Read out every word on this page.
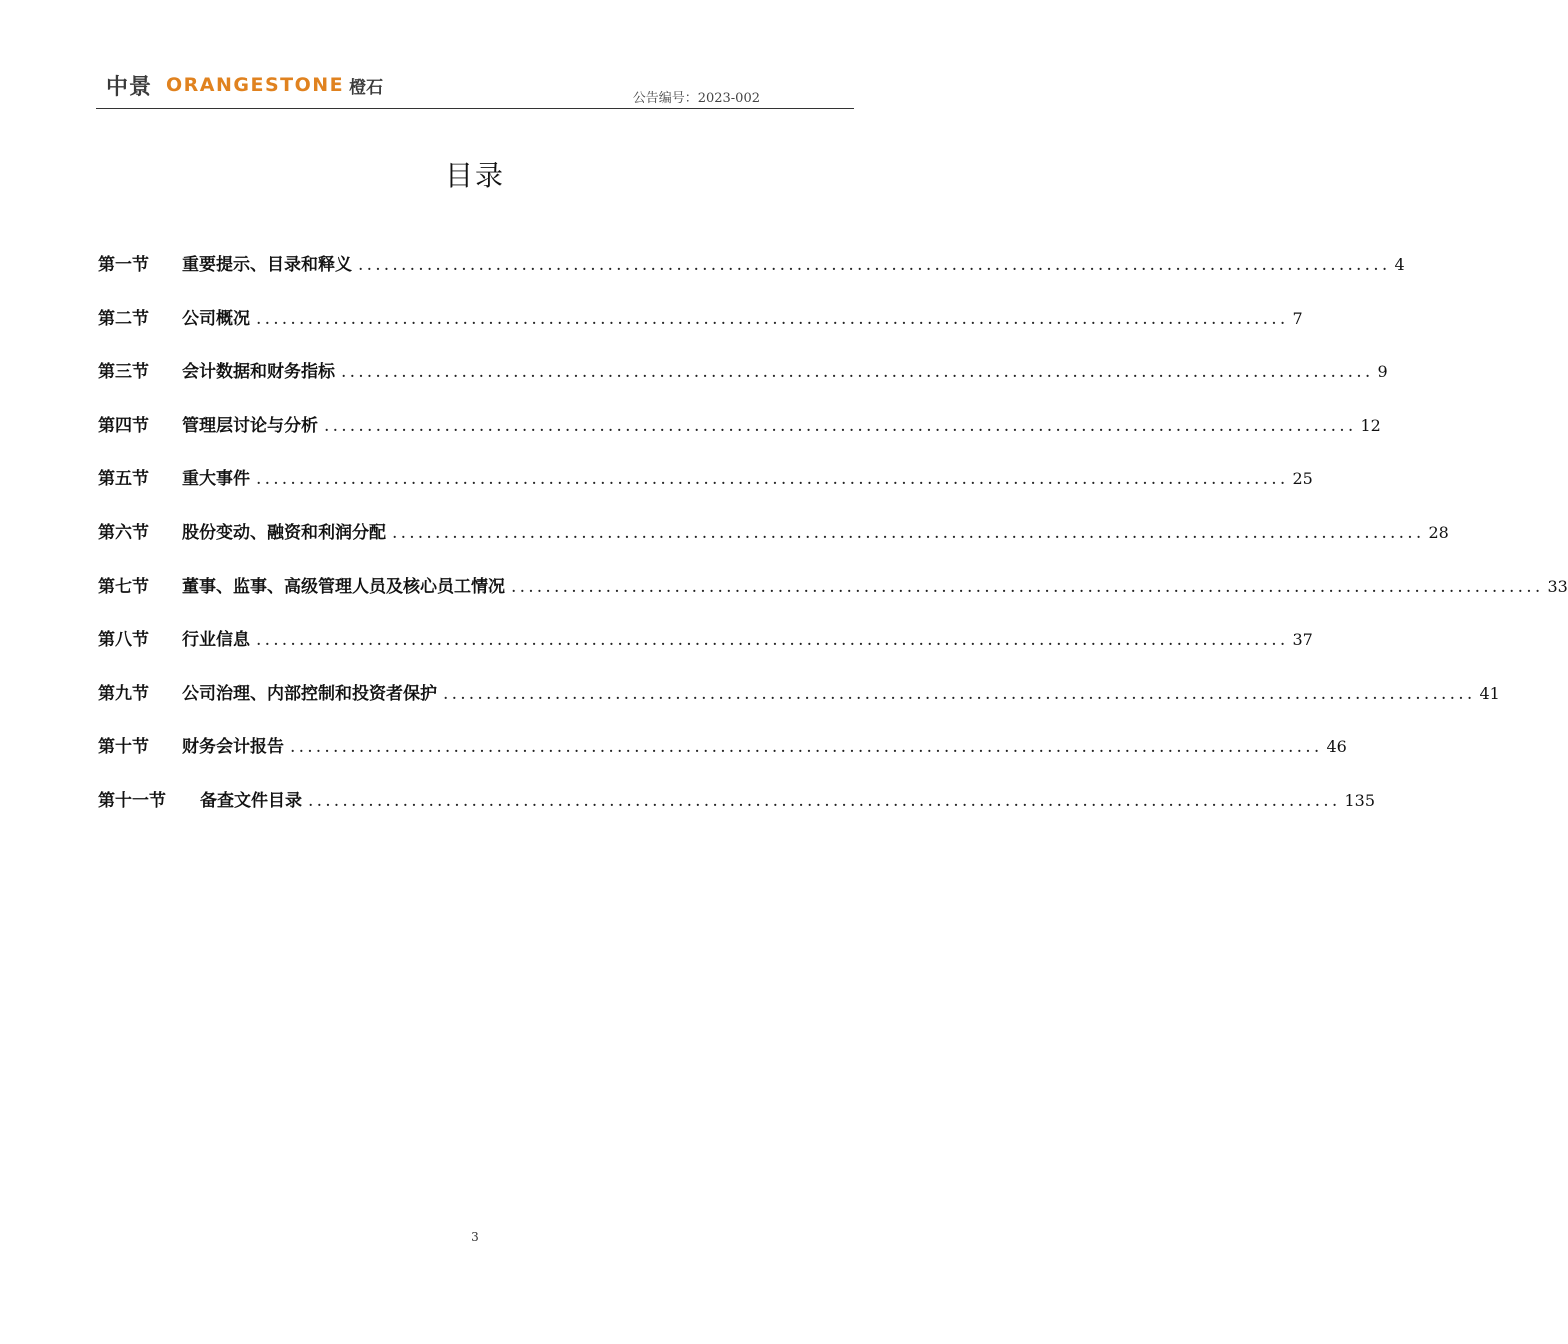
中景 ORANGESTONE 橙石
公告编号：2023-002
目录
第一节	重要提示、目录和释义 ........................................................................................................................ 4
第二节	公司概况 ........................................................................................................................ 7
第三节	会计数据和财务指标 ........................................................................................................................ 9
第四节	管理层讨论与分析 ........................................................................................................................ 12
第五节	重大事件 ........................................................................................................................ 25
第六节	股份变动、融资和利润分配 ........................................................................................................................ 28
第七节	董事、监事、高级管理人员及核心员工情况 ........................................................................................................................ 33
第八节	行业信息 ........................................................................................................................ 37
第九节	公司治理、内部控制和投资者保护 ........................................................................................................................ 41
第十节	财务会计报告 ........................................................................................................................ 46
第十一节	备查文件目录 ........................................................................................................................ 135
3
